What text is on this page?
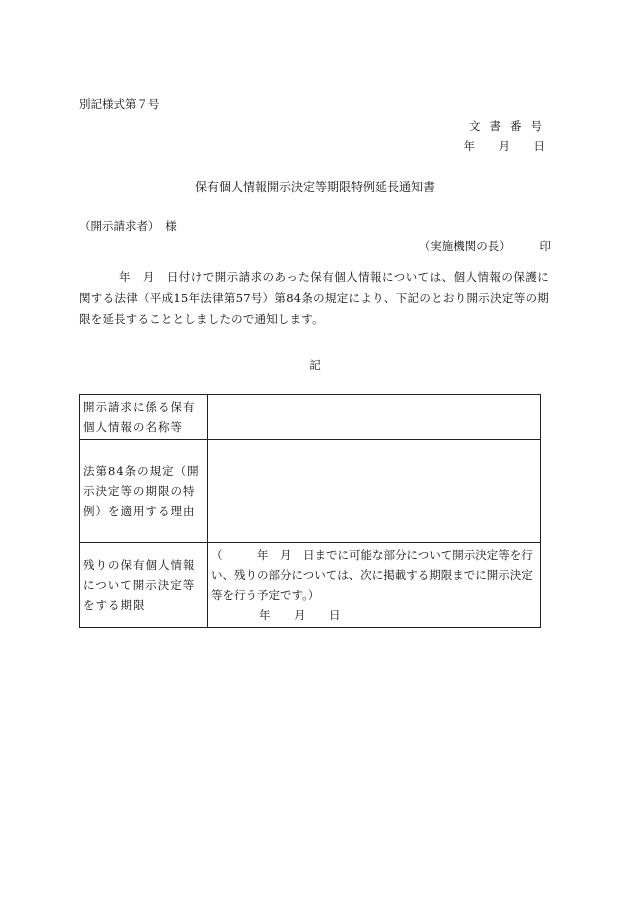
別記様式第７号
文書番号
年　月　日
保有個人情報開示決定等期限特例延長通知書
（開示請求者）　様
（実施機関の長）　　　印

年　月　日付けで開示請求のあった保有個人情報については、個人情報の保護に関する法律（平成15年法律第57号）第84条の規定により、下記のとおり開示決定等の期限を延長することとしましたので通知します。

記
開示請求に係る保有個人情報の名称等	
法第84条の規定（開示決定等の期限の特例）を適用する理由	
残りの保有個人情報について開示決定等をする期限	（　　　年　月　日までに可能な部分について開示決定等を行い、残りの部分については、次に掲載する期限までに開示決定等を行う予定です。）
年　月　日
